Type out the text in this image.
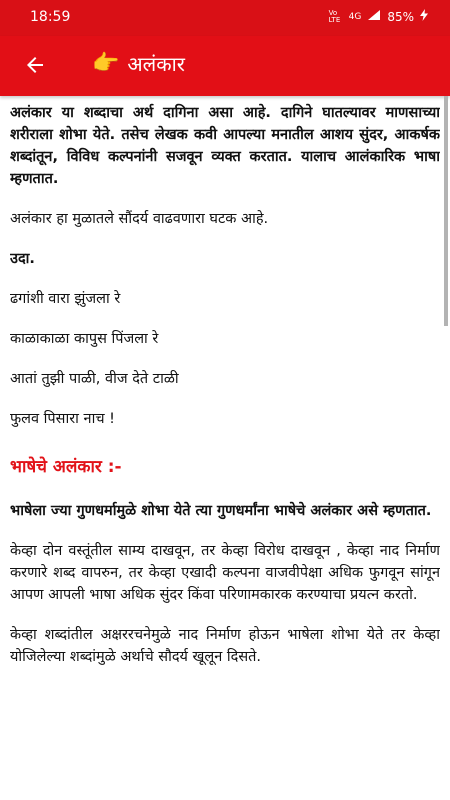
18:59	Vo LTE 4G 85%
👉 अलंकार

अलंकार या शब्दाचा अर्थ दागिना असा आहे. दागिने घातल्यावर माणसाच्या शरीराला शोभा येते. तसेच लेखक कवी आपल्या मनातील आशय सुंदर, आकर्षक शब्दांतून, विविध कल्पनांनी सजवून व्यक्त करतात. यालाच आलंकारिक भाषा म्हणतात.

अलंकार हा मुळातले सौंदर्य वाढवणारा घटक आहे.

उदा.

ढगांशी वारा झुंजला रे

काळाकाळा कापुस पिंजला रे

आतां तुझी पाळी, वीज देते टाळी

फुलव पिसारा नाच !

भाषेचे अलंकार :-

भाषेला ज्या गुणधर्मामुळे शोभा येते त्या गुणधर्मांना भाषेचे अलंकार असे म्हणतात.

केव्हा दोन वस्तूंतील साम्य दाखवून, तर केव्हा विरोध दाखवून , केव्हा नाद निर्माण करणारे शब्द वापरुन, तर केव्हा एखादी कल्पना वाजवीपेक्षा अधिक फुगवून सांगून आपण आपली भाषा अधिक सुंदर किंवा परिणामकारक करण्याचा प्रयत्न करतो.

केव्हा शब्दांतील अक्षररचनेमुळे नाद निर्माण होऊन भाषेला शोभा येते तर केव्हा योजिलेल्या शब्दांमुळे अर्थाचे सौदर्य खूलून दिसते.
